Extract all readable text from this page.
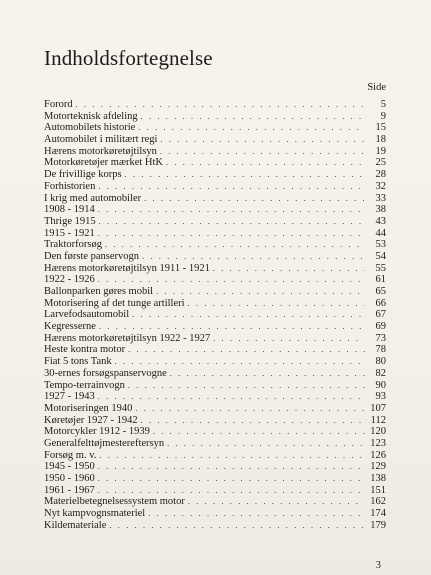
Indholdsfortegnelse
Side
Forord . . .	5
Motorteknisk afdeling . . .	9
Automobilets historie . . .	15
Automobilet i militært regi . . .	18
Hærens motorkøretøjtilsyn . . .	19
Motorkøretøjer mærket HtK . . .	25
De frivillige korps . . .	28
Forhistorien . . .	32
I krig med automobiler . . .	33
1908 - 1914 . . .	38
Thrige 1915 . . .	43
1915 - 1921 . . .	44
Traktorforsøg . . .	53
Den første panservogn . . .	54
Hærens motorkøretøjtilsyn 1911 - 1921 . . .	55
1922 - 1926 . . .	61
Ballonparken gøres mobil . . .	65
Motorisering af det tunge artilleri . . .	66
Larvefodsautomobil . . .	67
Kegresserne . . .	69
Hærens motorkøretøjtilsyn 1922 - 1927 . . .	73
Heste kontra motor . . .	78
Fiat 5 tons Tank . . .	80
30-ernes forsøgspanservogne . . .	82
Tempo-terrainvogn . . .	90
1927 - 1943 . . .	93
Motoriseringen 1940 . . .	107
Køretøjer 1927 - 1942 . . .	112
Motorcykler 1912 - 1939 . . .	120
Generalfelttøjmestereftersyn . . .	123
Forsøg m. v. . . .	126
1945 - 1950 . . .	129
1950 - 1960 . . .	138
1961 - 1967 . . .	151
Materielbetegnelsessystem motor . . .	162
Nyt kampvognsmateriel . . .	174
Kildemateriale . . .	179
3
